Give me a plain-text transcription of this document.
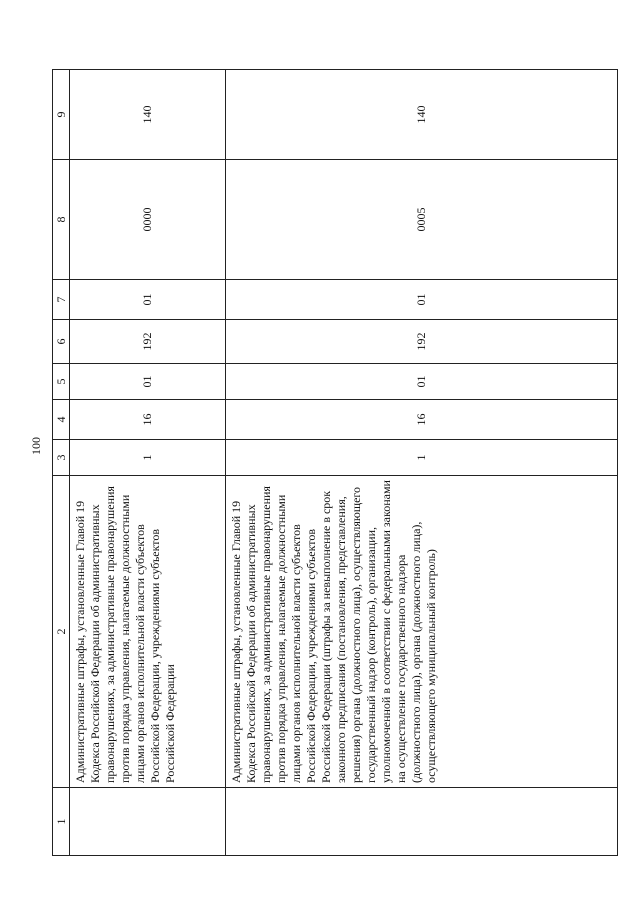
100
1	2	3	4	5	6	7	8	9
	Административные штрафы, установленные Главой 19 Кодекса Российской Федерации об административных правонарушениях, за административные правонарушения против порядка управления, налагаемые должностными лицами органов исполнительной власти субъектов Российской Федерации, учреждениями субъектов Российской Федерации	1	16	01	192	01	0000	140
	Административные штрафы, установленные Главой 19 Кодекса Российской Федерации об административных правонарушениях, за административные правонарушения против порядка управления, налагаемые должностными лицами органов исполнительной власти субъектов Российской Федерации, учреждениями субъектов Российской Федерации (штрафы за невыполнение в срок законного предписания (постановления, представления, решения) органа (должностного лица), осуществляющего государственный надзор (контроль), организации, уполномоченной в соответствии с федеральными законами на осуществление государственного надзора (должностного лица), органа (должностного лица), осуществляющего муниципальный контроль)	1	16	01	192	01	0005	140
